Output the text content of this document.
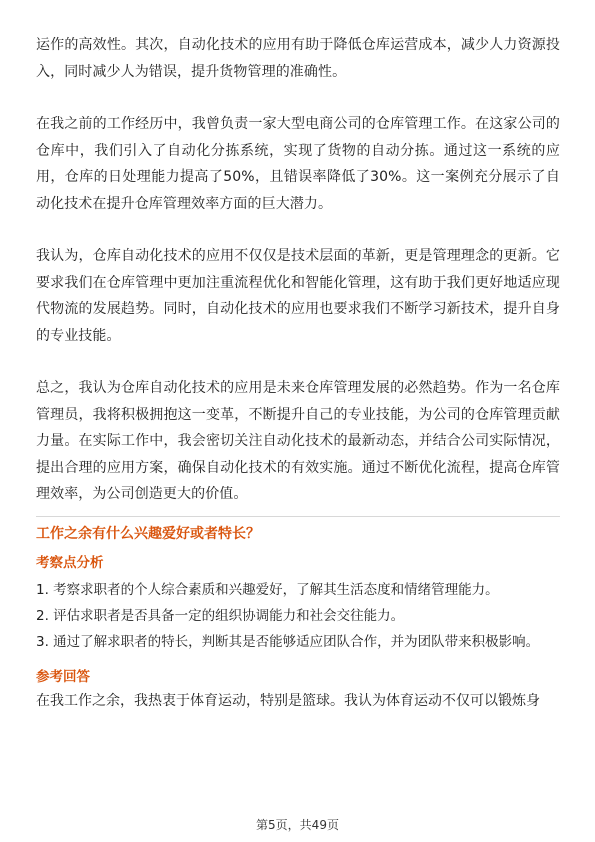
运作的高效性。其次，自动化技术的应用有助于降低仓库运营成本，减少人力资源投入，同时减少人为错误，提升货物管理的准确性。

在我之前的工作经历中，我曾负责一家大型电商公司的仓库管理工作。在这家公司的仓库中，我们引入了自动化分拣系统，实现了货物的自动分拣。通过这一系统的应用，仓库的日处理能力提高了50%，且错误率降低了30%。这一案例充分展示了自动化技术在提升仓库管理效率方面的巨大潜力。

我认为，仓库自动化技术的应用不仅仅是技术层面的革新，更是管理理念的更新。它要求我们在仓库管理中更加注重流程优化和智能化管理，这有助于我们更好地适应现代物流的发展趋势。同时，自动化技术的应用也要求我们不断学习新技术，提升自身的专业技能。

总之，我认为仓库自动化技术的应用是未来仓库管理发展的必然趋势。作为一名仓库管理员，我将积极拥抱这一变革，不断提升自己的专业技能，为公司的仓库管理贡献力量。在实际工作中，我会密切关注自动化技术的最新动态，并结合公司实际情况，提出合理的应用方案，确保自动化技术的有效实施。通过不断优化流程，提高仓库管理效率，为公司创造更大的价值。

工作之余有什么兴趣爱好或者特长？

考察点分析

1. 考察求职者的个人综合素质和兴趣爱好，了解其生活态度和情绪管理能力。
2. 评估求职者是否具备一定的组织协调能力和社会交往能力。
3. 通过了解求职者的特长，判断其是否能够适应团队合作，并为团队带来积极影响。

参考回答

在我工作之余，我热衷于体育运动，特别是篮球。我认为体育运动不仅可以锻炼身

第5页，共49页
